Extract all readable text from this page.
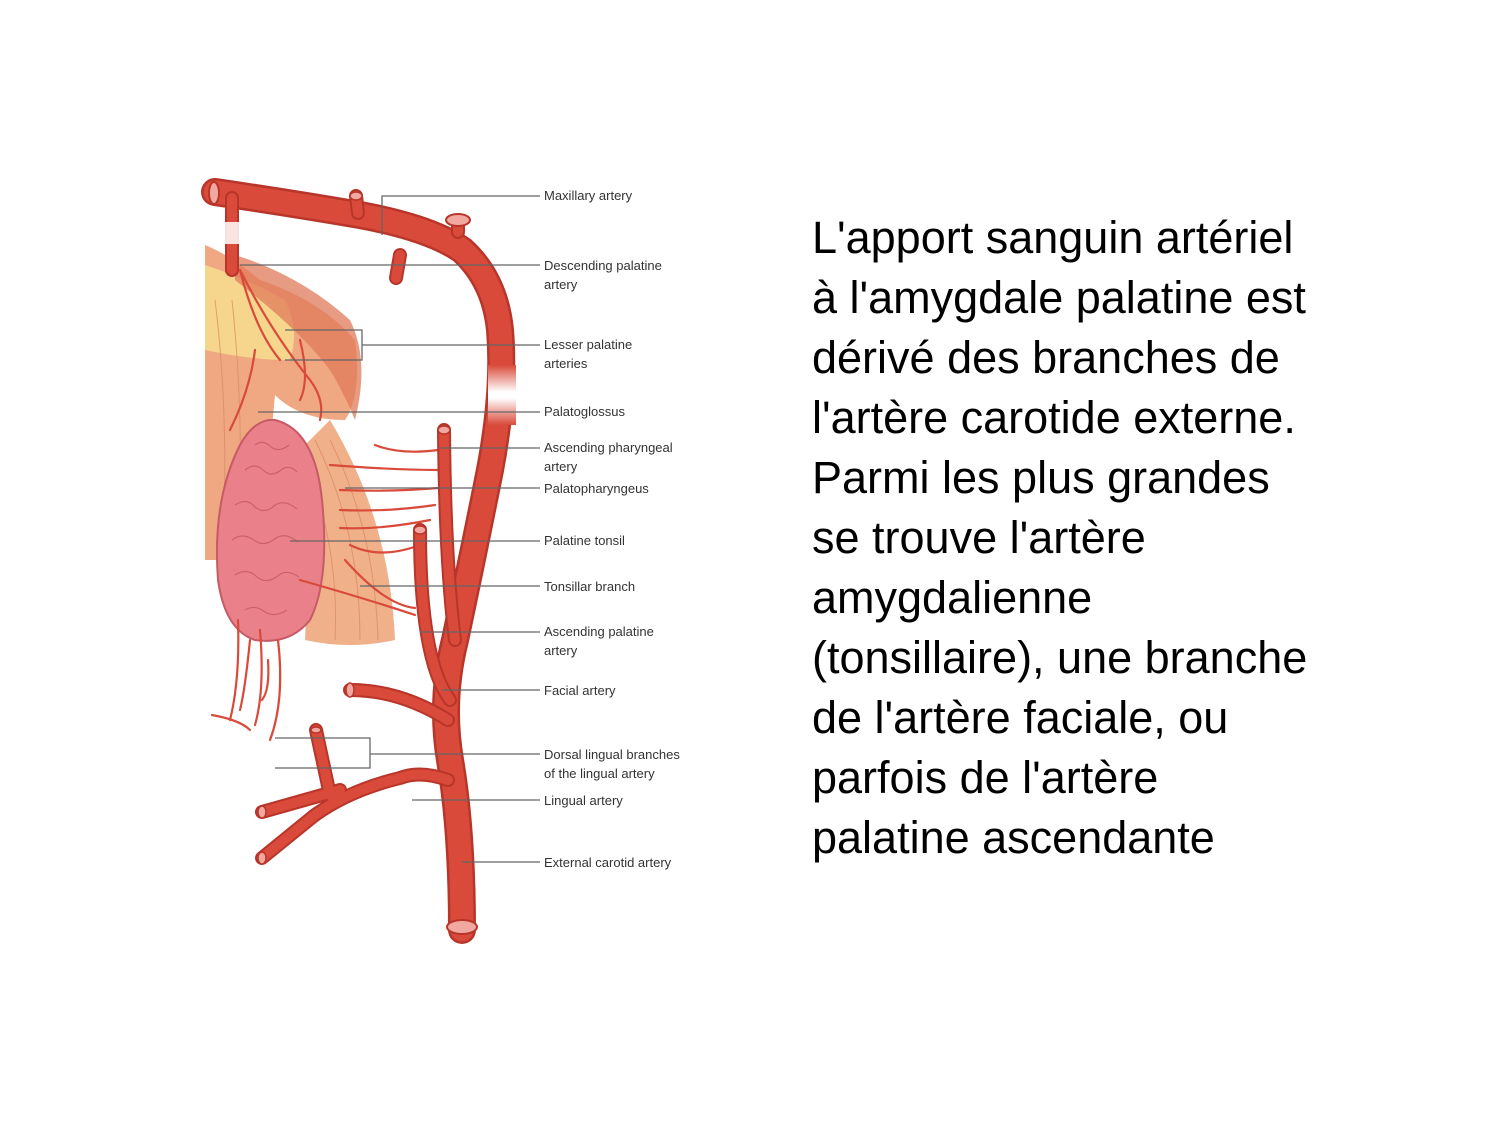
Maxillary artery
Descending palatine
artery
Lesser palatine
arteries
Palatoglossus
Ascending pharyngeal
artery
Palatopharyngeus
Palatine tonsil
Tonsillar branch
Ascending palatine
artery
Facial artery
Dorsal lingual branches
of the lingual artery
Lingual artery
External carotid artery

L'apport sanguin artériel
à l'amygdale palatine est
dérivé des branches de
l'artère carotide externe.
Parmi les plus grandes
se trouve l'artère
amygdalienne
(tonsillaire), une branche
de l'artère faciale, ou
parfois de l'artère
palatine ascendante
